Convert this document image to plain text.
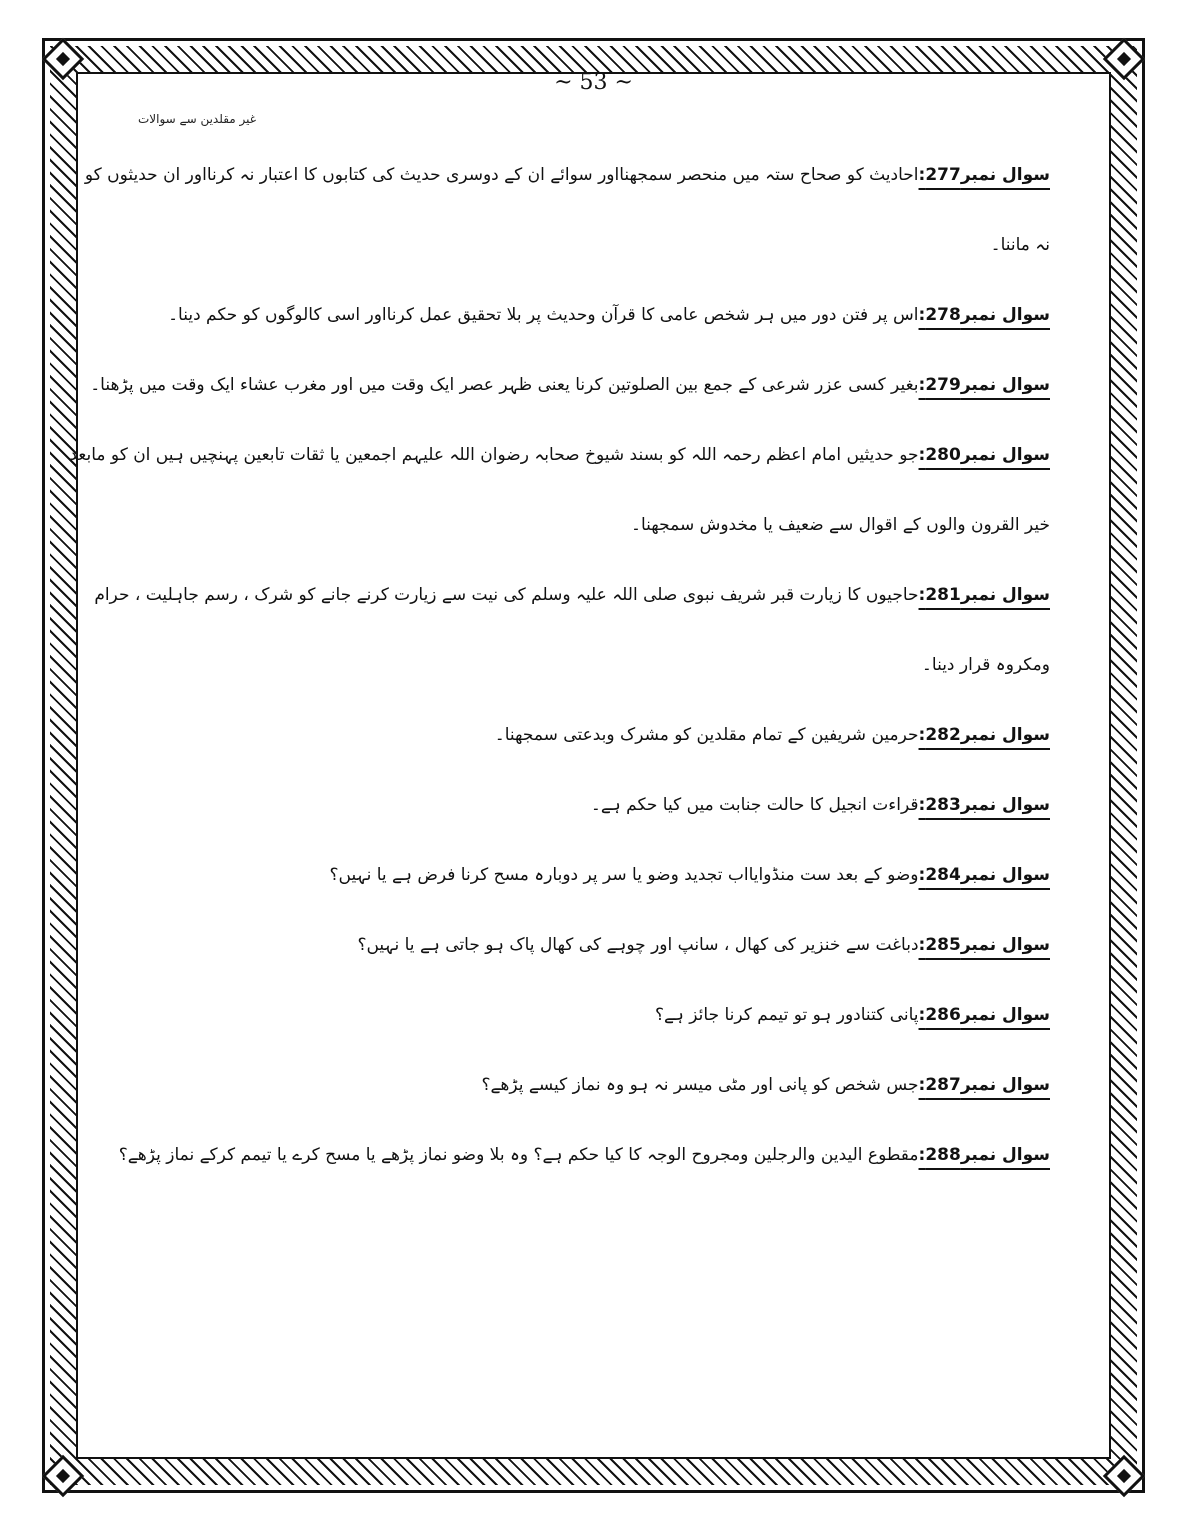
~ 53 ~
غیر مقلدین سے سوالات
سوال نمبر277:احادیث کو صحاح ستہ میں منحصر سمجھنااور سوائے ان کے دوسری حدیث کی کتابوں کا اعتبار نہ کرنااور ان حدیثوں کو
نہ ماننا۔
سوال نمبر278:اس پر فتن دور میں ہر شخص عامی کا قرآن وحدیث پر بلا تحقیق عمل کرنااور اسی کالوگوں کو حکم دینا۔
سوال نمبر279:بغیر کسی عزر شرعی کے جمع بین الصلوتین کرنا یعنی ظہر عصر ایک وقت میں اور مغرب عشاء ایک وقت میں پڑھنا۔
سوال نمبر280:جو حدیثیں امام اعظم رحمہ اللہ کو بسند شیوخ صحابہ رضوان اللہ علیہم اجمعین یا ثقات تابعین پہنچیں ہیں ان کو مابعد
خیر القرون والوں کے اقوال سے ضعیف یا مخدوش سمجھنا۔
سوال نمبر281:حاجیوں کا زیارت قبر شریف نبوی صلی اللہ علیہ وسلم کی نیت سے زیارت کرنے جانے کو شرک ، رسم جاہلیت ، حرام
ومکروہ قرار دینا۔
سوال نمبر282:حرمین شریفین کے تمام مقلدین کو مشرک وبدعتی سمجھنا۔
سوال نمبر283:قراءت انجیل کا حالت جنابت میں کیا حکم ہے۔
سوال نمبر284:وضو کے بعد ست منڈوایااب تجدید وضو یا سر پر دوبارہ مسح کرنا فرض ہے یا نہیں؟
سوال نمبر285:دباغت سے خنزیر کی کھال ، سانپ اور چوہے کی کھال پاک ہو جاتی ہے یا نہیں؟
سوال نمبر286:پانی کتنادور ہو تو تیمم کرنا جائز ہے؟
سوال نمبر287:جس شخص کو پانی اور مٹی میسر نہ ہو وہ نماز کیسے پڑھے؟
سوال نمبر288:مقطوع الیدین والرجلین ومجروح الوجہ کا کیا حکم ہے؟ وہ بلا وضو نماز پڑھے یا مسح کرے یا تیمم کرکے نماز پڑھے؟
